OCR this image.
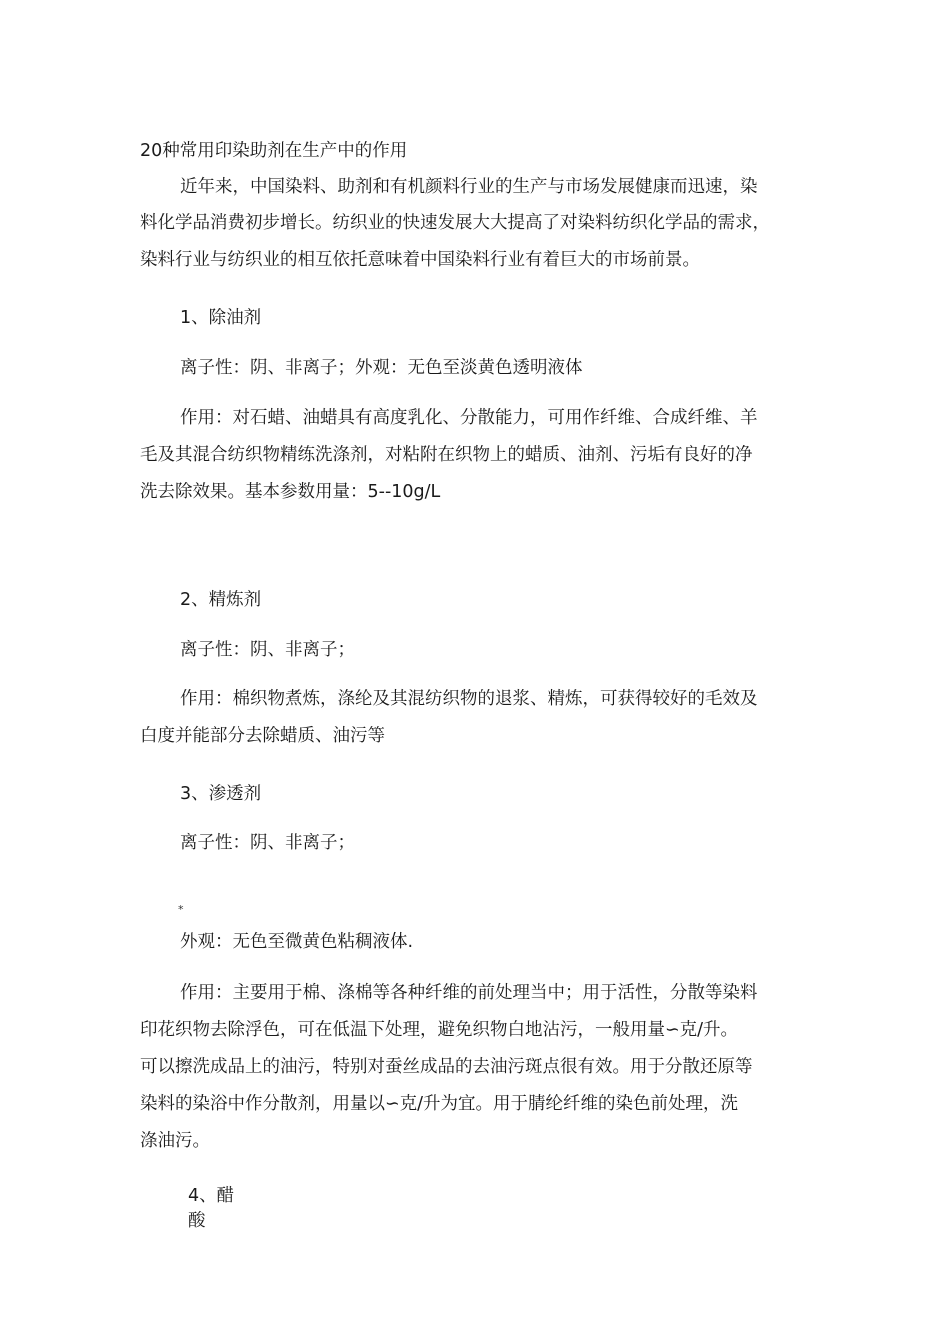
20种常用印染助剂在生产中的作用
近年来，中国染料、助剂和有机颜料行业的生产与市场发展健康而迅速，染
料化学品消费初步增长。纺织业的快速发展大大提高了对染料纺织化学品的需求，
染料行业与纺织业的相互依托意味着中国染料行业有着巨大的市场前景。
1、除油剂
离子性：阴、非离子；外观：无色至淡黄色透明液体
作用：对石蜡、油蜡具有高度乳化、分散能力，可用作纤维、合成纤维、羊
毛及其混合纺织物精练洗涤剂，对粘附在织物上的蜡质、油剂、污垢有良好的净
洗去除效果。基本参数用量：5--10g/L
2、精炼剂
离子性：阴、非离子；
作用：棉织物煮炼，涤纶及其混纺织物的退浆、精炼，可获得较好的毛效及
白度并能部分去除蜡质、油污等
3、渗透剂
离子性：阴、非离子；
*
外观：无色至微黄色粘稠液体.
作用：主要用于棉、涤棉等各种纤维的前处理当中；用于活性，分散等染料
印花织物去除浮色，可在低温下处理，避免织物白地沾污，一般用量∽克/升。
可以擦洗成品上的油污，特别对蚕丝成品的去油污斑点很有效。用于分散还原等
染料的染浴中作分散剂，用量以∽克/升为宜。用于腈纶纤维的染色前处理，洗
涤油污。
4、醋
酸
